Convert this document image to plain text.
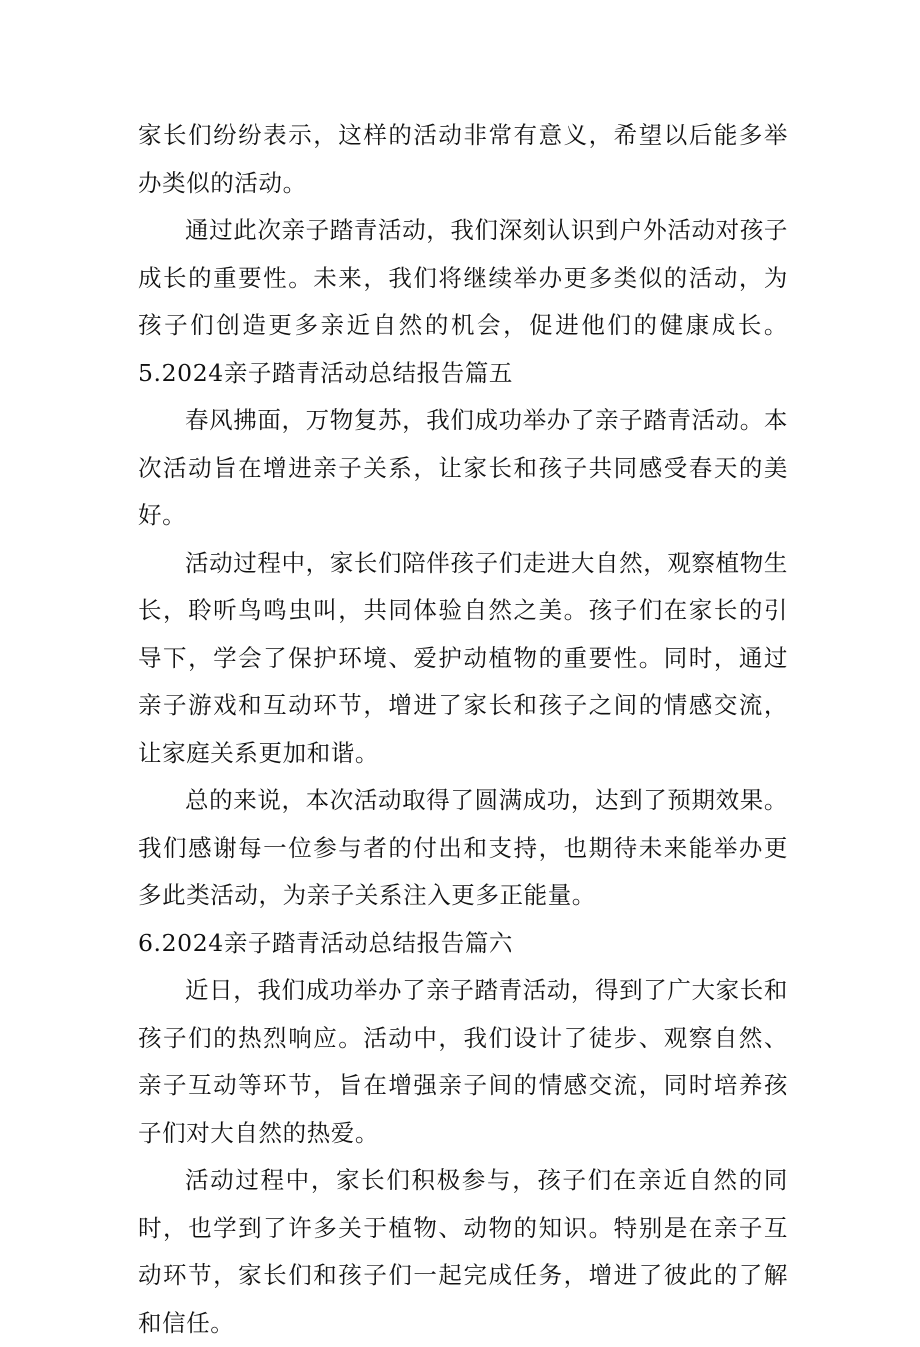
家长们纷纷表示，这样的活动非常有意义，希望以后能多举办类似的活动。

通过此次亲子踏青活动，我们深刻认识到户外活动对孩子成长的重要性。未来，我们将继续举办更多类似的活动，为孩子们创造更多亲近自然的机会，促进他们的健康成长。5.2024亲子踏青活动总结报告篇五

春风拂面，万物复苏，我们成功举办了亲子踏青活动。本次活动旨在增进亲子关系，让家长和孩子共同感受春天的美好。

活动过程中，家长们陪伴孩子们走进大自然，观察植物生长，聆听鸟鸣虫叫，共同体验自然之美。孩子们在家长的引导下，学会了保护环境、爱护动植物的重要性。同时，通过亲子游戏和互动环节，增进了家长和孩子之间的情感交流，让家庭关系更加和谐。

总的来说，本次活动取得了圆满成功，达到了预期效果。我们感谢每一位参与者的付出和支持，也期待未来能举办更多此类活动，为亲子关系注入更多正能量。

6.2024亲子踏青活动总结报告篇六

近日，我们成功举办了亲子踏青活动，得到了广大家长和孩子们的热烈响应。活动中，我们设计了徒步、观察自然、亲子互动等环节，旨在增强亲子间的情感交流，同时培养孩子们对大自然的热爱。

活动过程中，家长们积极参与，孩子们在亲近自然的同时，也学到了许多关于植物、动物的知识。特别是在亲子互动环节，家长们和孩子们一起完成任务，增进了彼此的了解和信任。
